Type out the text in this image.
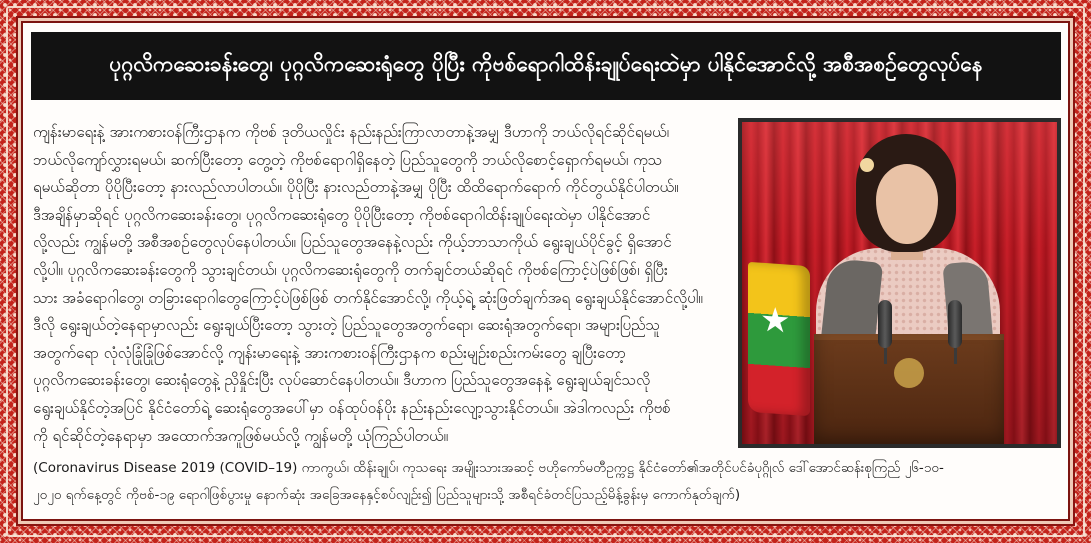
ပုဂ္ဂလိကဆေးခန်းတွေ၊ ပုဂ္ဂလိကဆေးရုံတွေ ပိုပြီး ကိုဗစ်ရောဂါထိန်းချုပ်ရေးထဲမှာ ပါနိုင်အောင်လို့ အစီအစဉ်တွေလုပ်နေ
ကျန်းမာရေးနဲ့ အားကစားဝန်ကြီးဌာနက ကိုဗစ် ဒုတိယလှိုင်း နည်းနည်းကြာလာတာနဲ့အမျှ ဒီဟာကို ဘယ်လိုရင်ဆိုင်ရမယ်၊
ဘယ်လိုကျော်လွှားရမယ်၊ ဆက်ပြီးတော့ တွေ့တဲ့ ကိုဗစ်ရောဂါရှိနေတဲ့ ပြည်သူတွေကို ဘယ်လိုစောင့်ရှောက်ရမယ်၊ ကုသ
ရမယ်ဆိုတာ ပိုပိုပြီးတော့ နားလည်လာပါတယ်။ ပိုပိုပြီး နားလည်တာနဲ့အမျှ ပိုပြီး ထိထိရောက်ရောက် ကိုင်တွယ်နိုင်ပါတယ်။
ဒီအချိန်မှာဆိုရင် ပုဂ္ဂလိကဆေးခန်းတွေ၊ ပုဂ္ဂလိကဆေးရုံတွေ ပိုပိုပြီးတော့ ကိုဗစ်ရောဂါထိန်းချုပ်ရေးထဲမှာ ပါနိုင်အောင်
လို့လည်း ကျွန်မတို့ အစီအစဉ်တွေလုပ်နေပါတယ်။ ပြည်သူတွေအနေနဲ့လည်း ကိုယ့်ဘာသာကိုယ် ရွေးချယ်ပိုင်ခွင့် ရှိအောင်
လို့ပါ။ ပုဂ္ဂလိကဆေးခန်းတွေကို သွားချင်တယ်၊ ပုဂ္ဂလိကဆေးရုံတွေကို တက်ချင်တယ်ဆိုရင် ကိုဗစ်ကြောင့်ပဲဖြစ်ဖြစ်၊ ရှိပြီး
သား အခံရောဂါတွေ၊ တခြားရောဂါတွေကြောင့်ပဲဖြစ်ဖြစ် တက်နိုင်အောင်လို့၊ ကိုယ့်ရဲ့ ဆုံးဖြတ်ချက်အရ ရွေးချယ်နိုင်အောင်လို့ပါ။
ဒီလို ရွေးချယ်တဲ့နေရာမှာလည်း ရွေးချယ်ပြီးတော့ သွားတဲ့ ပြည်သူတွေအတွက်ရော၊ ဆေးရုံအတွက်ရော၊ အများပြည်သူ
အတွက်ရော လုံလုံခြုံခြုံဖြစ်အောင်လို့ ကျန်းမာရေးနဲ့ အားကစားဝန်ကြီးဌာနက စည်းမျဉ်းစည်းကမ်းတွေ ချပြီးတော့
ပုဂ္ဂလိကဆေးခန်းတွေ၊ ဆေးရုံတွေနဲ့ ညှိနှိုင်းပြီး လုပ်ဆောင်နေပါတယ်။ ဒီဟာက ပြည်သူတွေအနေနဲ့ ရွေးချယ်ချင်သလို
ရွေးချယ်နိုင်တဲ့အပြင် နိုင်ငံတော်ရဲ့ ဆေးရုံတွေအပေါ်မှာ ဝန်ထုပ်ဝန်ပိုး နည်းနည်းလျော့သွားနိုင်တယ်။ အဲဒါကလည်း ကိုဗစ်
ကို ရင်ဆိုင်တဲ့နေရာမှာ အထောက်အကူဖြစ်မယ်လို့ ကျွန်မတို့ ယုံကြည်ပါတယ်။
★
(Coronavirus Disease 2019 (COVID–19) ကာကွယ်၊ ထိန်းချုပ်၊ ကုသရေး အမျိုးသားအဆင့် ဗဟိုကော်မတီဥက္ကဋ္ဌ နိုင်ငံတော်၏အတိုင်ပင်ခံပုဂ္ဂိုလ် ဒေါ်အောင်ဆန်းစုကြည် ၂၆-၁၀-
၂၀၂၀ ရက်နေ့တွင် ကိုဗစ်-၁၉ ရောဂါဖြစ်ပွားမှု နောက်ဆုံး အခြေအနေနှင့်စပ်လျဉ်း၍ ပြည်သူများသို့ အစီရင်ခံတင်ပြသည့်မိန့်ခွန်းမှ ကောက်နုတ်ချက်)
